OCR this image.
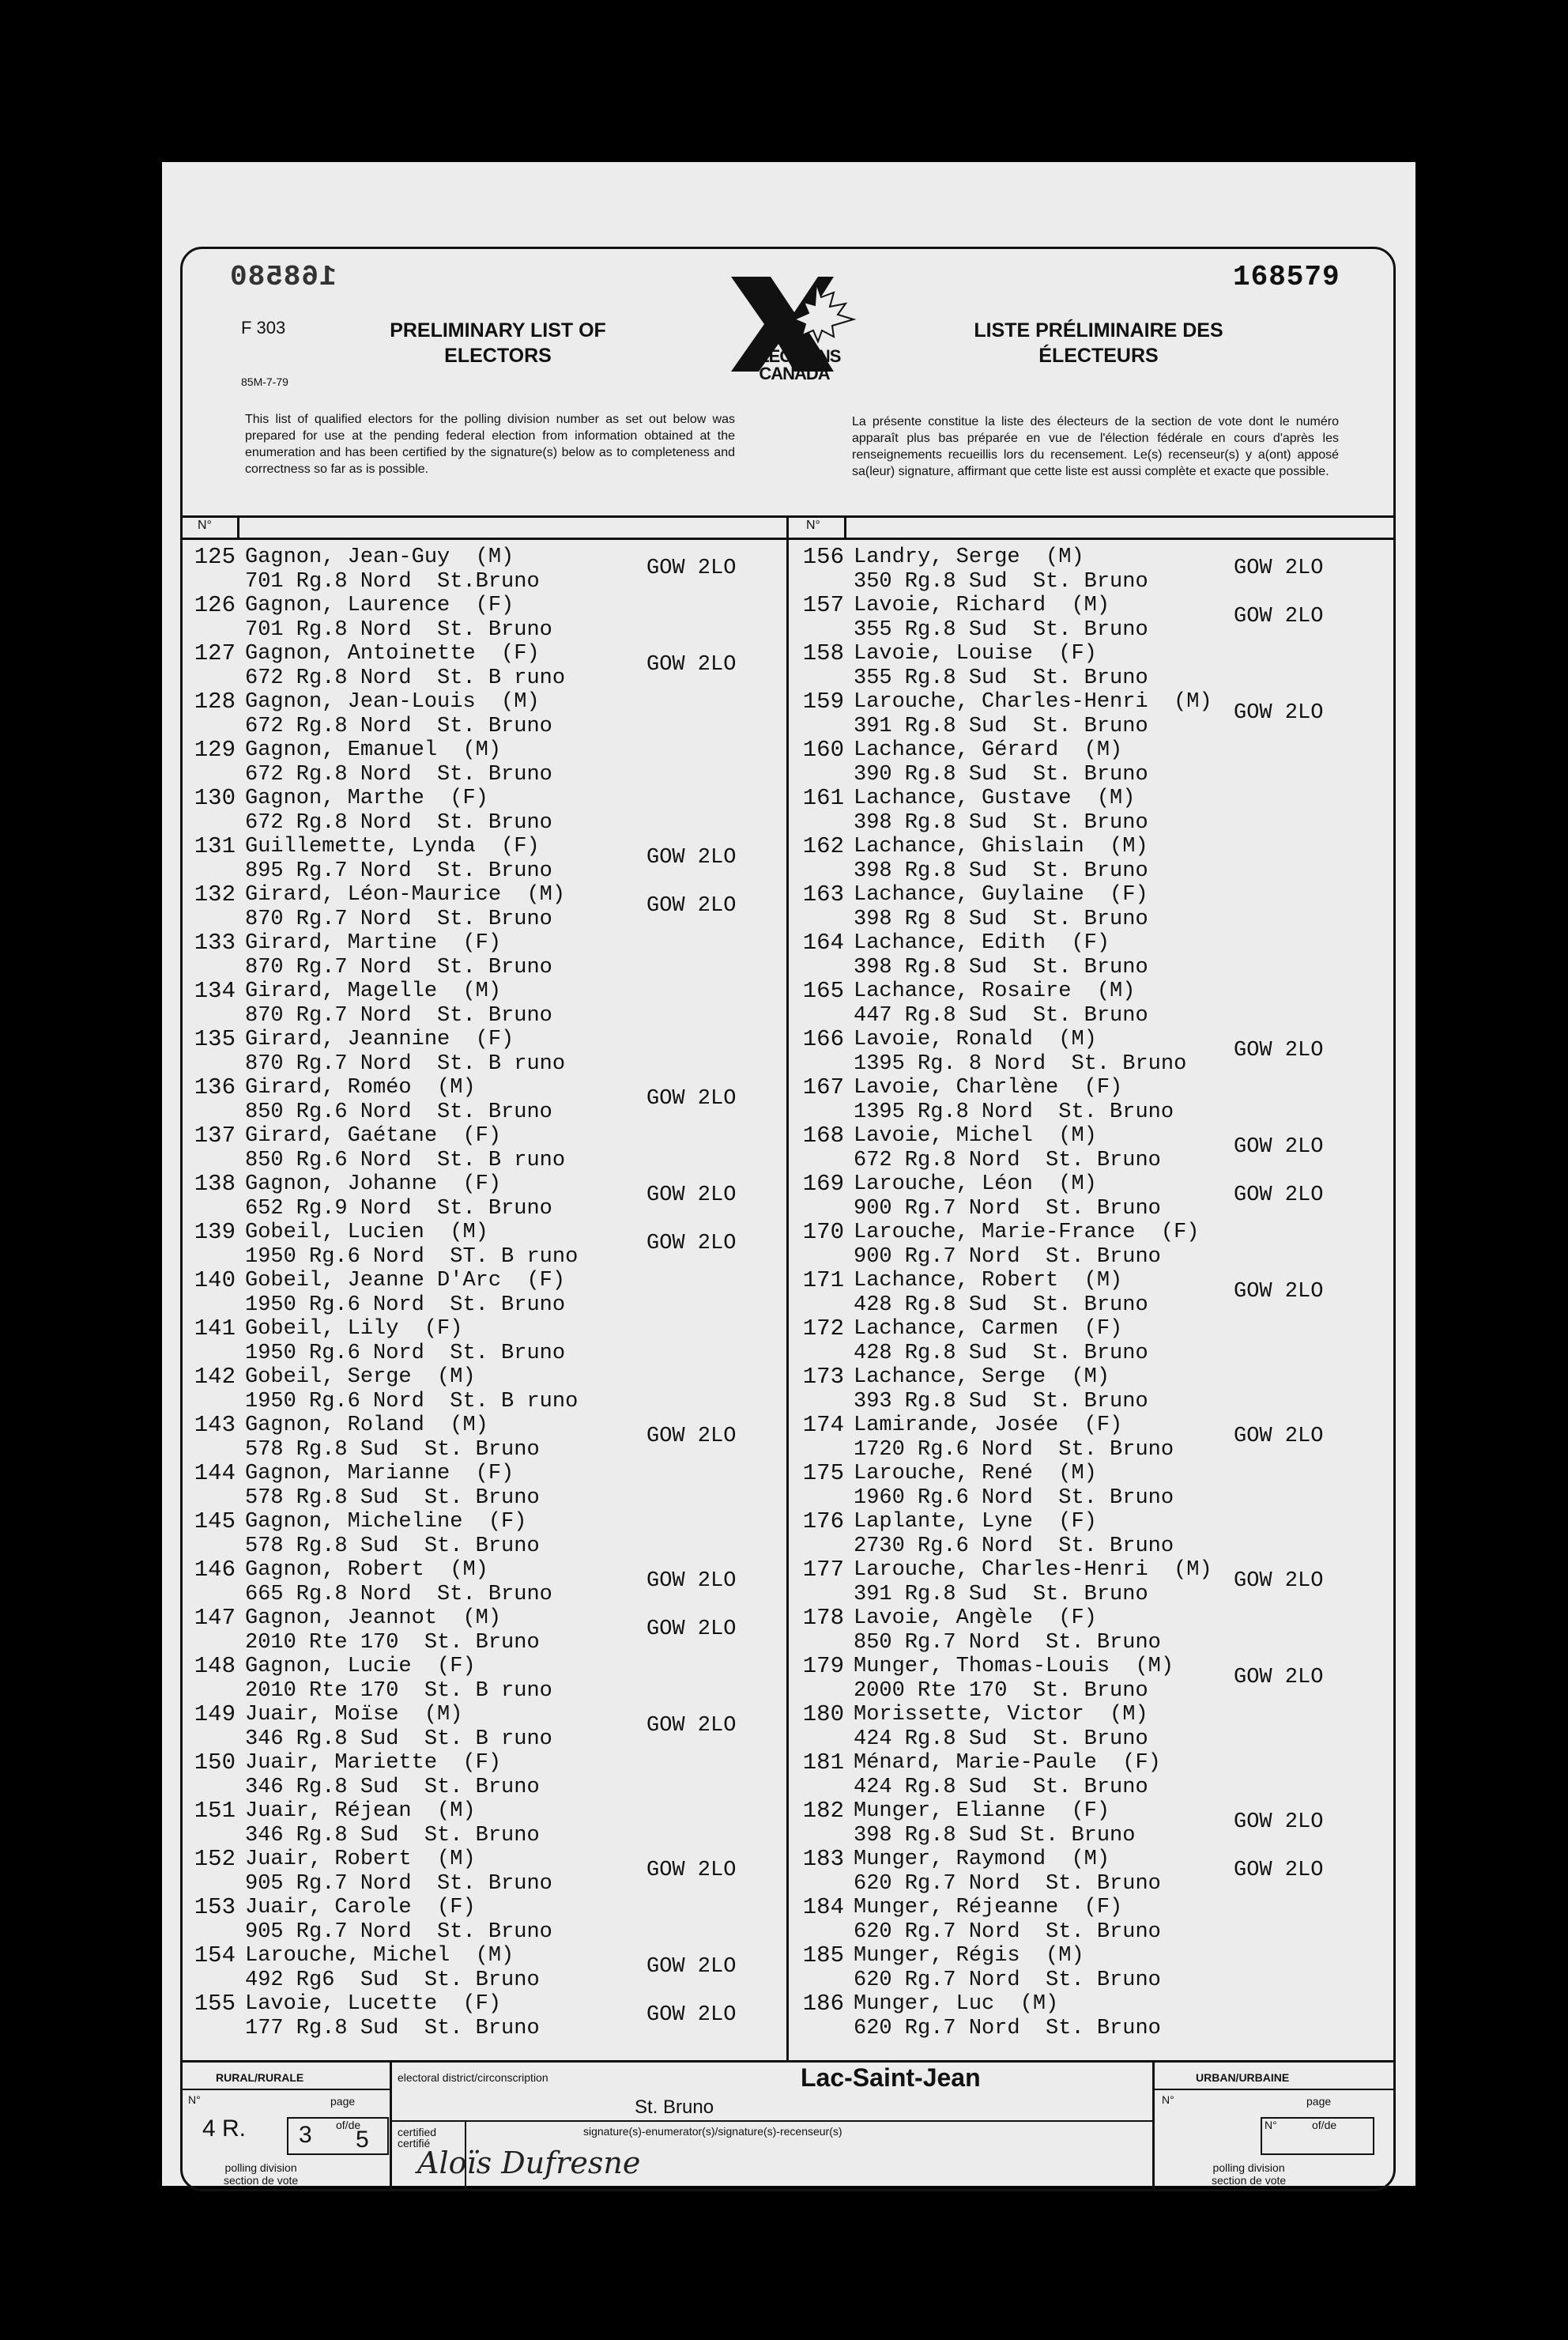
168580	168579
F 303
85M-7-79
PRELIMINARY LIST OF ELECTORS
LISTE PRÉLIMINAIRE DES ÉLECTEURS
ELECTIONS CANADA
This list of qualified electors for the polling division number as set out below was prepared for use at the pending federal election from information obtained at the enumeration and has been certified by the signature(s) below as to completeness and correctness so far as is possible.
La présente constitue la liste des électeurs de la section de vote dont le numéro apparaît plus bas préparée en vue de l'élection fédérale en cours d'après les renseignements recueillis lors du recensement. Le(s) recenseur(s) y a(ont) apposé sa(leur) signature, affirmant que cette liste est aussi complète et exacte que possible.
N°	N°
125 Gagnon, Jean-Guy  (M)
701 Rg.8 Nord  St.Bruno
GOW 2LO
126 Gagnon, Laurence  (F)
701 Rg.8 Nord  St. Bruno
127 Gagnon, Antoinette  (F)
672 Rg.8 Nord  St. B runo
GOW 2LO
128 Gagnon, Jean-Louis  (M)
672 Rg.8 Nord  St. Bruno
129 Gagnon, Emanuel  (M)
672 Rg.8 Nord  St. Bruno
130 Gagnon, Marthe  (F)
672 Rg.8 Nord  St. Bruno
131 Guillemette, Lynda  (F)
895 Rg.7 Nord  St. Bruno
GOW 2LO
132 Girard, Léon-Maurice  (M)
870 Rg.7 Nord  St. Bruno
GOW 2LO
133 Girard, Martine  (F)
870 Rg.7 Nord  St. Bruno
134 Girard, Magelle  (M)
870 Rg.7 Nord  St. Bruno
135 Girard, Jeannine  (F)
870 Rg.7 Nord  St. B runo
136 Girard, Roméo  (M)
850 Rg.6 Nord  St. Bruno
GOW 2LO
137 Girard, Gaétane  (F)
850 Rg.6 Nord  St. B runo
138 Gagnon, Johanne  (F)
652 Rg.9 Nord  St. Bruno
GOW 2LO
139 Gobeil, Lucien  (M)
1950 Rg.6 Nord  ST. B runo
GOW 2LO
140 Gobeil, Jeanne D'Arc  (F)
1950 Rg.6 Nord  St. Bruno
141 Gobeil, Lily  (F)
1950 Rg.6 Nord  St. Bruno
142 Gobeil, Serge  (M)
1950 Rg.6 Nord  St. B runo
143 Gagnon, Roland  (M)
578 Rg.8 Sud  St. Bruno
GOW 2LO
144 Gagnon, Marianne  (F)
578 Rg.8 Sud  St. Bruno
145 Gagnon, Micheline  (F)
578 Rg.8 Sud  St. Bruno
146 Gagnon, Robert  (M)
665 Rg.8 Nord  St. Bruno
GOW 2LO
147 Gagnon, Jeannot  (M)
2010 Rte 170  St. Bruno
GOW 2LO
148 Gagnon, Lucie  (F)
2010 Rte 170  St. B runo
149 Juair, Moïse  (M)
346 Rg.8 Sud  St. B runo
GOW 2LO
150 Juair, Mariette  (F)
346 Rg.8 Sud  St. Bruno
151 Juair, Réjean  (M)
346 Rg.8 Sud  St. Bruno
152 Juair, Robert  (M)
905 Rg.7 Nord  St. Bruno
GOW 2LO
153 Juair, Carole  (F)
905 Rg.7 Nord  St. Bruno
154 Larouche, Michel  (M)
492 Rg6  Sud  St. Bruno
GOW 2LO
155 Lavoie, Lucette  (F)
177 Rg.8 Sud  St. Bruno
GOW 2LO
156 Landry, Serge  (M)
350 Rg.8 Sud  St. Bruno
GOW 2LO
157 Lavoie, Richard  (M)
355 Rg.8 Sud  St. Bruno
GOW 2LO
158 Lavoie, Louise  (F)
355 Rg.8 Sud  St. Bruno
159 Larouche, Charles-Henri  (M)
391 Rg.8 Sud  St. Bruno
GOW 2LO
160 Lachance, Gérard  (M)
390 Rg.8 Sud  St. Bruno
161 Lachance, Gustave  (M)
398 Rg.8 Sud  St. Bruno
162 Lachance, Ghislain  (M)
398 Rg.8 Sud  St. Bruno
163 Lachance, Guylaine  (F)
398 Rg 8 Sud  St. Bruno
164 Lachance, Edith  (F)
398 Rg.8 Sud  St. Bruno
165 Lachance, Rosaire  (M)
447 Rg.8 Sud  St. Bruno
166 Lavoie, Ronald  (M)
1395 Rg. 8 Nord  St. Bruno
GOW 2LO
167 Lavoie, Charlène  (F)
1395 Rg.8 Nord  St. Bruno
168 Lavoie, Michel  (M)
672 Rg.8 Nord  St. Bruno
GOW 2LO
169 Larouche, Léon  (M)
900 Rg.7 Nord  St. Bruno
GOW 2LO
170 Larouche, Marie-France  (F)
900 Rg.7 Nord  St. Bruno
171 Lachance, Robert  (M)
428 Rg.8 Sud  St. Bruno
GOW 2LO
172 Lachance, Carmen  (F)
428 Rg.8 Sud  St. Bruno
173 Lachance, Serge  (M)
393 Rg.8 Sud  St. Bruno
174 Lamirande, Josée  (F)
1720 Rg.6 Nord  St. Bruno
GOW 2LO
175 Larouche, René  (M)
1960 Rg.6 Nord  St. Bruno
176 Laplante, Lyne  (F)
2730 Rg.6 Nord  St. Bruno
177 Larouche, Charles-Henri  (M)
391 Rg.8 Sud  St. Bruno
GOW 2LO
178 Lavoie, Angèle  (F)
850 Rg.7 Nord  St. Bruno
179 Munger, Thomas-Louis  (M)
2000 Rte 170  St. Bruno
GOW 2LO
180 Morissette, Victor  (M)
424 Rg.8 Sud  St. Bruno
181 Ménard, Marie-Paule  (F)
424 Rg.8 Sud  St. Bruno
182 Munger, Elianne  (F)
398 Rg.8 Sud St. Bruno
GOW 2LO
183 Munger, Raymond  (M)
620 Rg.7 Nord  St. Bruno
GOW 2LO
184 Munger, Réjeanne  (F)
620 Rg.7 Nord  St. Bruno
185 Munger, Régis  (M)
620 Rg.7 Nord  St. Bruno
186 Munger, Luc  (M)
620 Rg.7 Nord  St. Bruno
RURAL/RURALE
N°	page
4 R. 3 of/de
5
polling division
section de vote
electoral district/circonscription	Lac-Saint-Jean
St. Bruno
certified
certifié
signature(s)-enumerator(s)/signature(s)-recenseur(s)
Aloïs Dufresne
URBAN/URBAINE
N°	page
N°	of/de
polling division
section de vote
